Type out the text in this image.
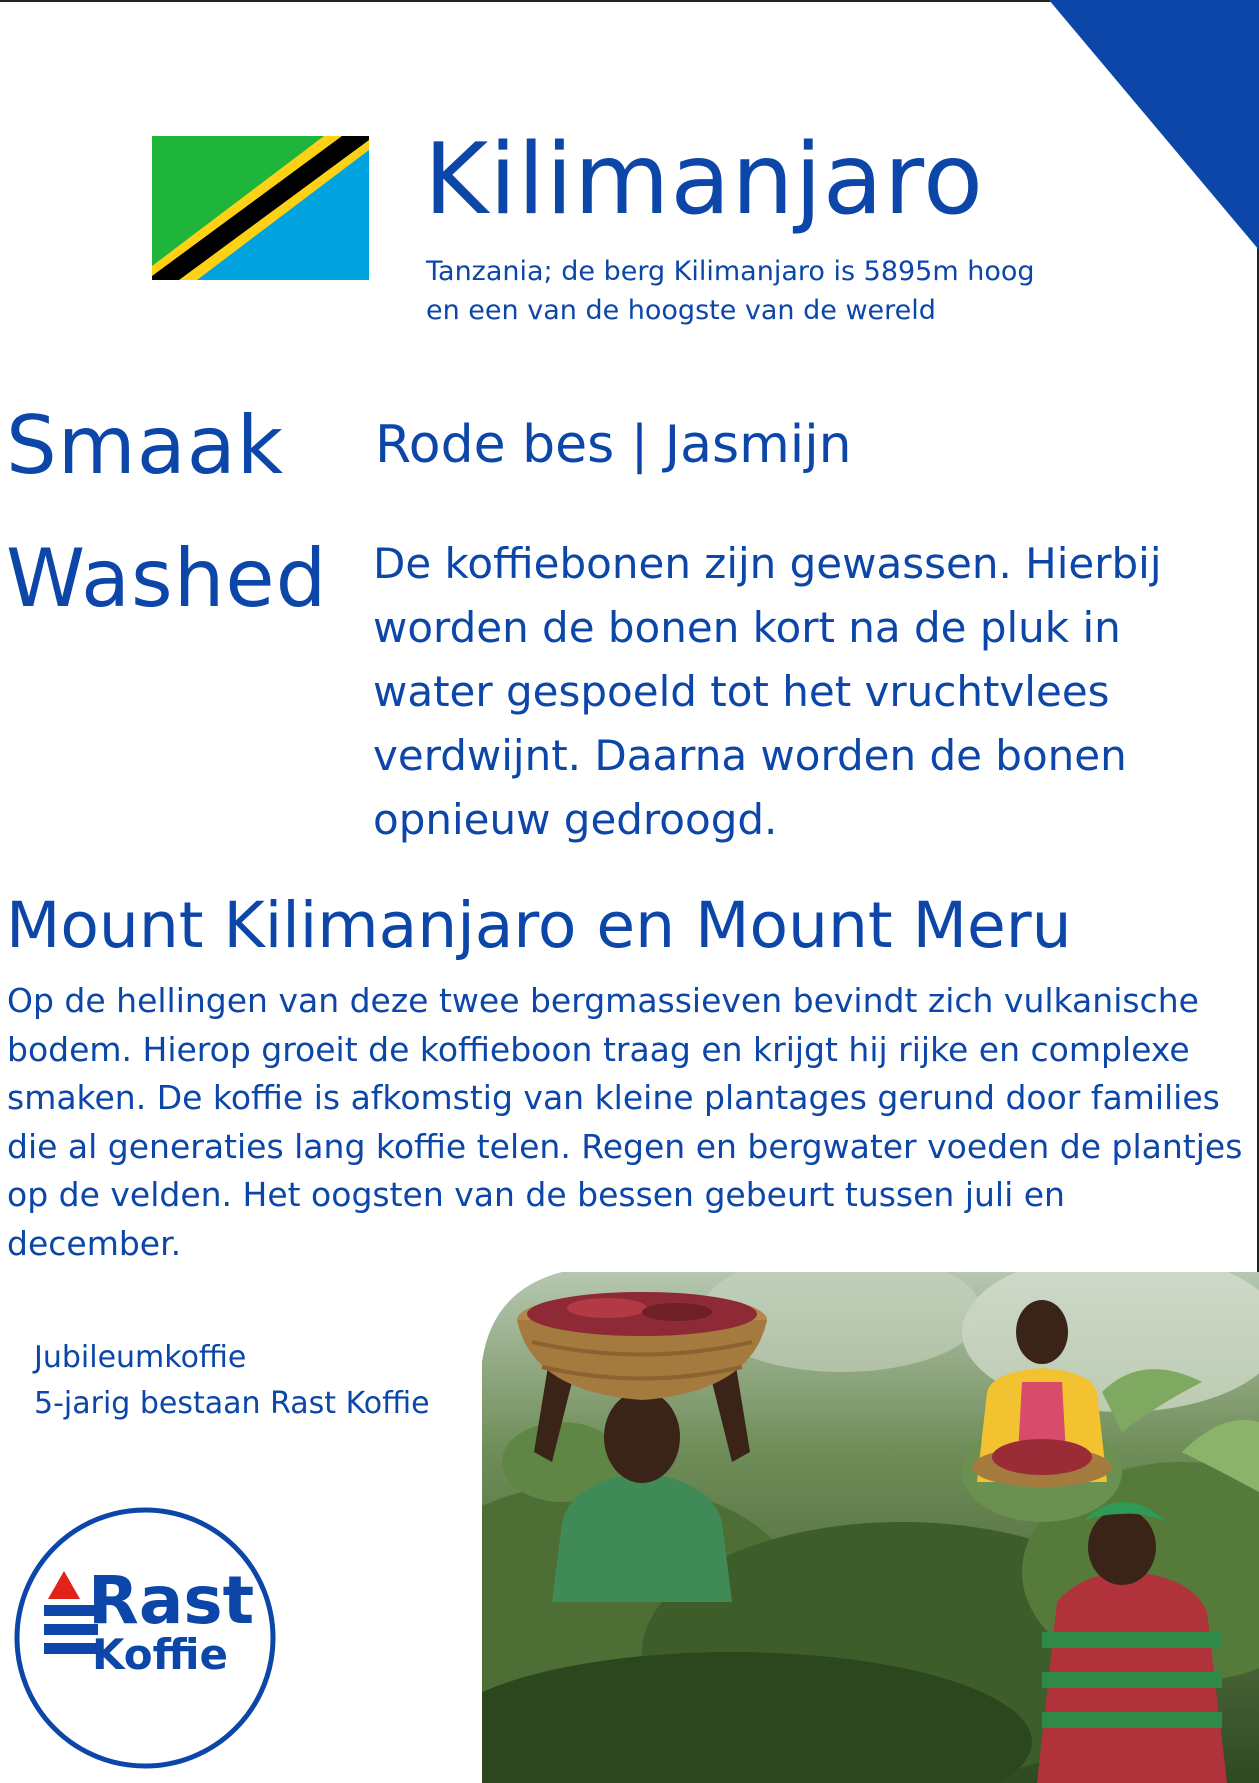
Kilimanjaro
Tanzania; de berg Kilimanjaro is 5895m hoog
en een van de hoogste van de wereld
Smaak Rode bes | Jasmijn
Washed De koffiebonen zijn gewassen. Hierbij worden de bonen kort na de pluk in water gespoeld tot het vruchtvlees verdwijnt. Daarna worden de bonen opnieuw gedroogd.
Mount Kilimanjaro en Mount Meru
Op de hellingen van deze twee bergmassieven bevindt zich vulkanische bodem. Hierop groeit de koffieboon traag en krijgt hij rijke en complexe smaken. De koffie is afkomstig van kleine plantages gerund door families die al generaties lang koffie telen. Regen en bergwater voeden de plantjes op de velden. Het oogsten van de bessen gebeurt tussen juli en december.
Jubileumkoffie
5-jarig bestaan Rast Koffie
Rast
Koffie
